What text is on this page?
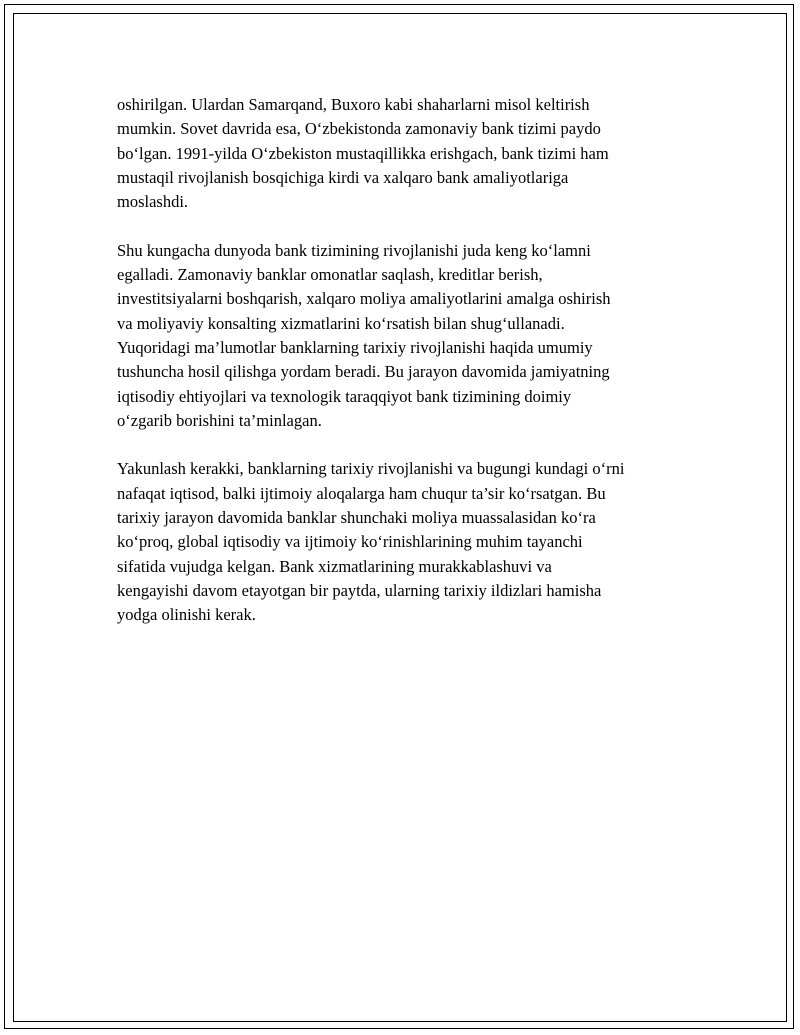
oshirilgan. Ulardan Samarqand, Buxoro kabi shaharlarni misol keltirish
mumkin. Sovet davrida esa, O‘zbekistonda zamonaviy bank tizimi paydo
bo‘lgan. 1991-yilda O‘zbekiston mustaqillikka erishgach, bank tizimi ham
mustaqil rivojlanish bosqichiga kirdi va xalqaro bank amaliyotlariga
moslashdi.

Shu kungacha dunyoda bank tizimining rivojlanishi juda keng ko‘lamni
egalladi. Zamonaviy banklar omonatlar saqlash, kreditlar berish,
investitsiyalarni boshqarish, xalqaro moliya amaliyotlarini amalga oshirish
va moliyaviy konsalting xizmatlarini ko‘rsatish bilan shug‘ullanadi.
Yuqoridagi ma’lumotlar banklarning tarixiy rivojlanishi haqida umumiy
tushuncha hosil qilishga yordam beradi. Bu jarayon davomida jamiyatning
iqtisodiy ehtiyojlari va texnologik taraqqiyot bank tizimining doimiy
o‘zgarib borishini ta’minlagan.

Yakunlash kerakki, banklarning tarixiy rivojlanishi va bugungi kundagi o‘rni
nafaqat iqtisod, balki ijtimoiy aloqalarga ham chuqur ta’sir ko‘rsatgan. Bu
tarixiy jarayon davomida banklar shunchaki moliya muassalasidan ko‘ra
ko‘proq, global iqtisodiy va ijtimoiy ko‘rinishlarining muhim tayanchi
sifatida vujudga kelgan. Bank xizmatlarining murakkablashuvi va
kengayishi davom etayotgan bir paytda, ularning tarixiy ildizlari hamisha
yodga olinishi kerak.
